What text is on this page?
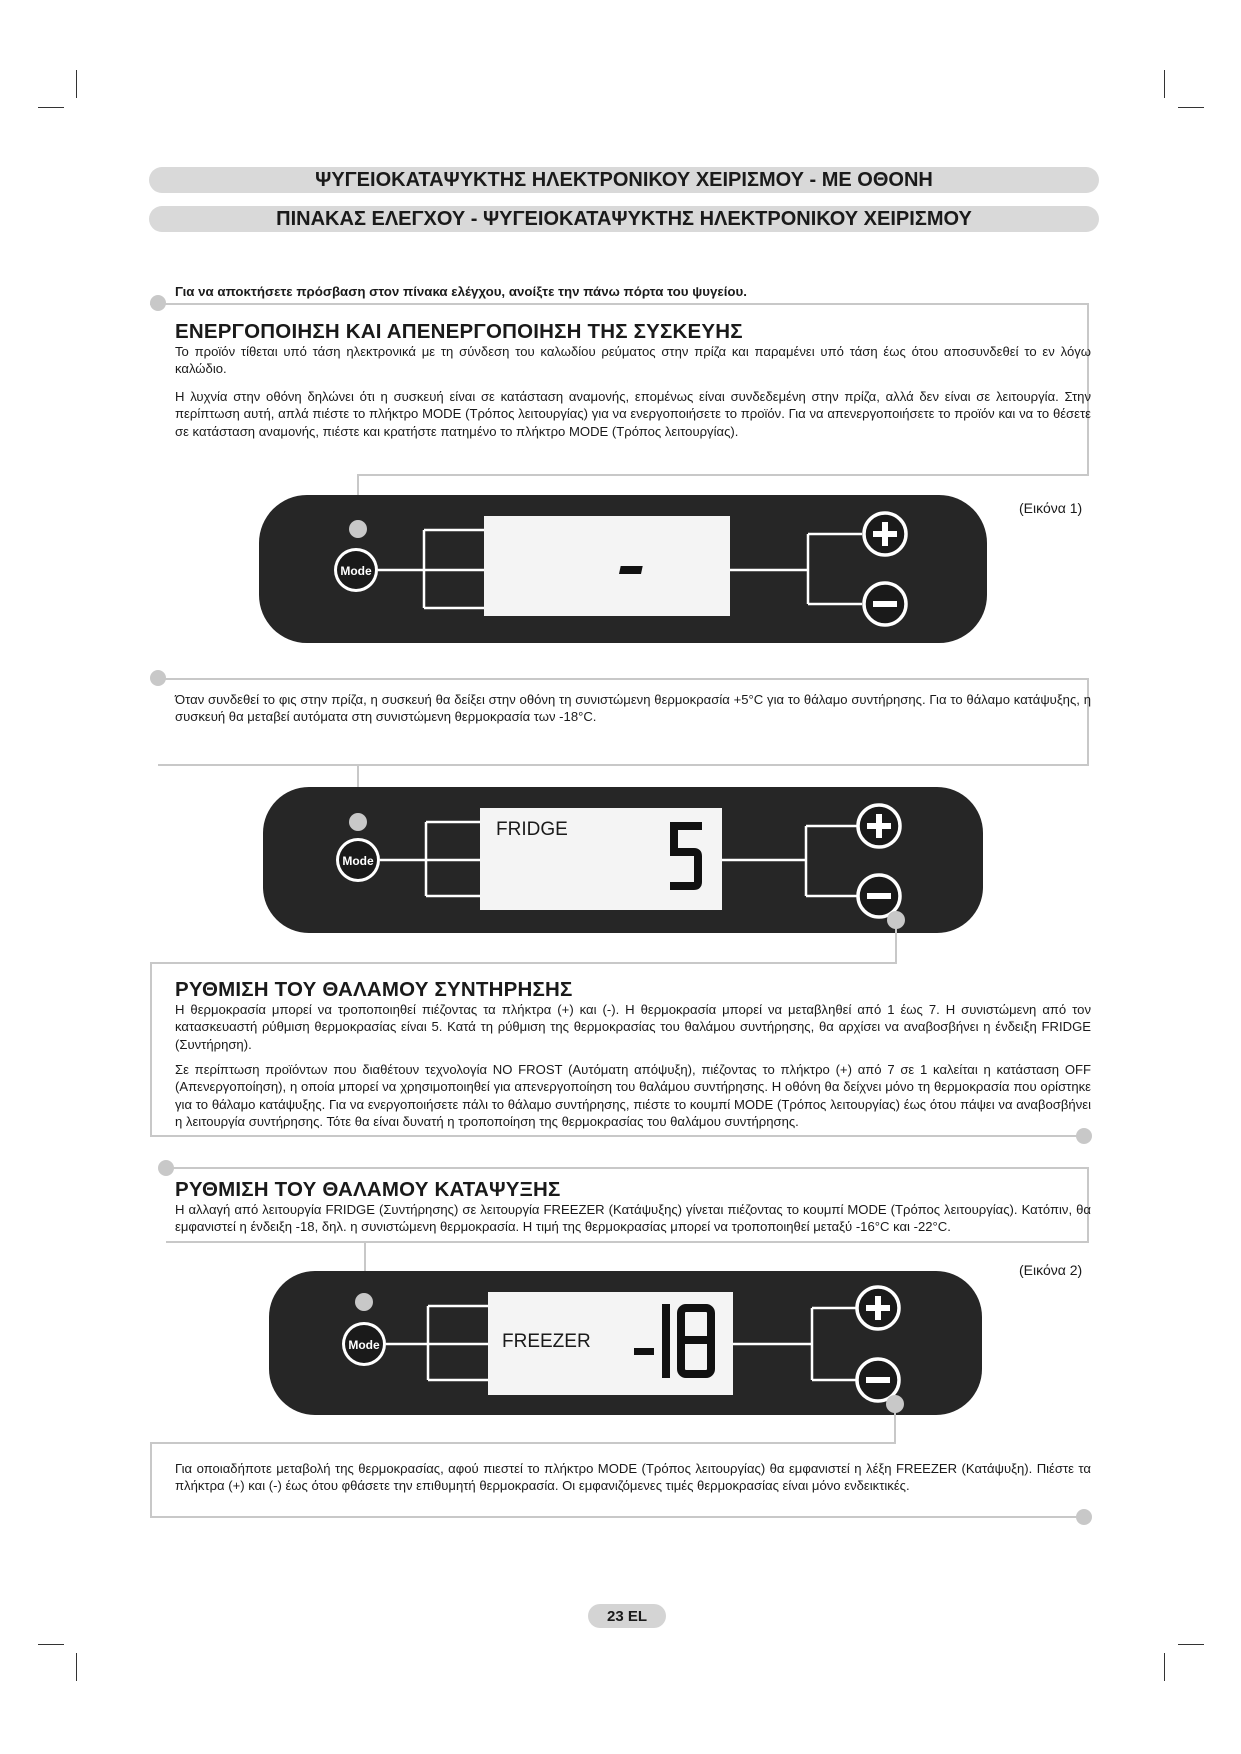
ΨΥΓΕΙΟΚΑΤΑΨΥΚΤΗΣ ΗΛΕΚΤΡΟΝΙΚΟΥ ΧΕΙΡΙΣΜΟΥ - ΜΕ ΟΘΟΝΗ
ΠΙΝΑΚΑΣ ΕΛΕΓΧΟΥ - ΨΥΓΕΙΟΚΑΤΑΨΥΚΤΗΣ ΗΛΕΚΤΡΟΝΙΚΟΥ ΧΕΙΡΙΣΜΟΥ
Για να αποκτήσετε πρόσβαση στον πίνακα ελέγχου, ανοίξτε την πάνω πόρτα του ψυγείου.
ΕΝΕΡΓΟΠΟΙΗΣΗ ΚΑΙ ΑΠΕΝΕΡΓΟΠΟΙΗΣΗ ΤΗΣ ΣΥΣΚΕΥΗΣ
Το προϊόν τίθεται υπό τάση ηλεκτρονικά με τη σύνδεση του καλωδίου ρεύματος στην πρίζα και παραμένει υπό τάση έως ότου αποσυνδεθεί το εν λόγω καλώδιο.
Η λυχνία στην οθόνη δηλώνει ότι η συσκευή είναι σε κατάσταση αναμονής, επομένως είναι συνδεδεμένη στην πρίζα, αλλά δεν είναι σε λειτουργία. Στην περίπτωση αυτή, απλά πιέστε το πλήκτρο MODE (Τρόπος λειτουργίας) για να ενεργοποιήσετε το προϊόν. Για να απενεργοποιήσετε το προϊόν και να το θέσετε σε κατάσταση αναμονής, πιέστε και κρατήστε πατημένο το πλήκτρο MODE (Τρόπος λειτουργίας).
(Εικόνα 1)
Mode
Όταν συνδεθεί το φις στην πρίζα, η συσκευή θα δείξει στην οθόνη τη συνιστώμενη θερμοκρασία +5°C για το θάλαμο συντήρησης. Για το θάλαμο κατάψυξης, η συσκευή θα μεταβεί αυτόματα στη συνιστώμενη θερμοκρασία των -18°C.
Mode
FRIDGE
ΡΥΘΜΙΣΗ ΤΟΥ ΘΑΛΑΜΟΥ ΣΥΝΤΗΡΗΣΗΣ
Η θερμοκρασία μπορεί να τροποποιηθεί πιέζοντας τα πλήκτρα (+) και (-). Η θερμοκρασία μπορεί να μεταβληθεί από 1 έως 7. Η συνιστώμενη από τον κατασκευαστή ρύθμιση θερμοκρασίας είναι 5. Κατά τη ρύθμιση της θερμοκρασίας του θαλάμου συντήρησης, θα αρχίσει να αναβοσβήνει η ένδειξη FRIDGE (Συντήρηση).
Σε περίπτωση προϊόντων που διαθέτουν τεχνολογία NO FROST (Αυτόματη απόψυξη), πιέζοντας το πλήκτρο (+) από 7 σε 1 καλείται η κατάσταση OFF (Απενεργοποίηση), η οποία μπορεί να χρησιμοποιηθεί για απενεργοποίηση του θαλάμου συντήρησης. Η οθόνη θα δείχνει μόνο τη θερμοκρασία που ορίστηκε για το θάλαμο κατάψυξης. Για να ενεργοποιήσετε πάλι το θάλαμο συντήρησης, πιέστε το κουμπί MODE (Τρόπος λειτουργίας) έως ότου πάψει να αναβοσβήνει η λειτουργία συντήρησης. Τότε θα είναι δυνατή η τροποποίηση της θερμοκρασίας του θαλάμου συντήρησης.
ΡΥΘΜΙΣΗ ΤΟΥ ΘΑΛΑΜΟΥ ΚΑΤΑΨΥΞΗΣ
Η αλλαγή από λειτουργία FRIDGE (Συντήρησης) σε λειτουργία FREEZER (Κατάψυξης) γίνεται πιέζοντας το κουμπί MODE (Τρόπος λειτουργίας). Κατόπιν, θα εμφανιστεί η ένδειξη -18, δηλ. η συνιστώμενη θερμοκρασία. Η τιμή της θερμοκρασίας μπορεί να τροποποιηθεί μεταξύ -16°C και -22°C.
(Εικόνα 2)
Mode	FREEZER
Για οποιαδήποτε μεταβολή της θερμοκρασίας, αφού πιεστεί το πλήκτρο MODE (Τρόπος λειτουργίας) θα εμφανιστεί η λέξη FREEZER (Κατάψυξη). Πιέστε τα πλήκτρα (+) και (-) έως ότου φθάσετε την επιθυμητή θερμοκρασία. Οι εμφανιζόμενες τιμές θερμοκρασίας είναι μόνο ενδεικτικές.
23 EL
